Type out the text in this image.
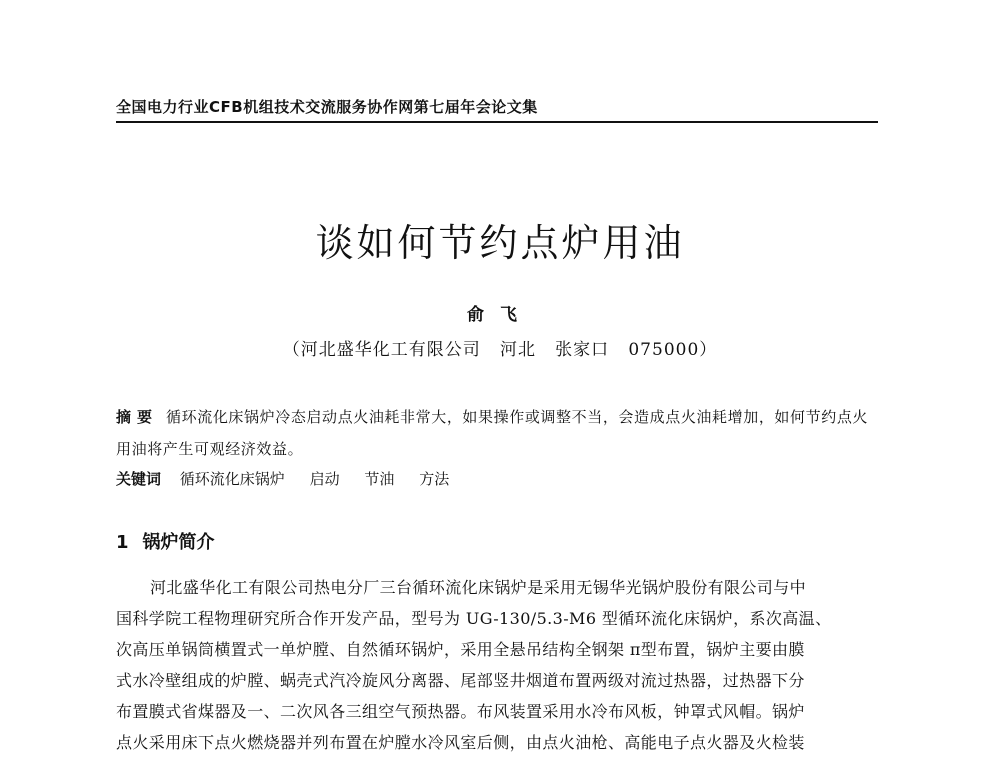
全国电力行业CFB机组技术交流服务协作网第七届年会论文集
谈如何节约点炉用油
俞飞
（河北盛华化工有限公司   河北   张家口   075000）
摘要 循环流化床锅炉冷态启动点火油耗非常大，如果操作或调整不当，会造成点火油耗增加，如何节约点火用油将产生可观经济效益。
关键词 循环流化床锅炉 启动 节油 方法
1 锅炉简介
河北盛华化工有限公司热电分厂三台循环流化床锅炉是采用无锡华光锅炉股份有限公司与中
国科学院工程物理研究所合作开发产品，型号为 UG-130/5.3-M6 型循环流化床锅炉，系次高温、
次高压单锅筒横置式一单炉膛、自然循环锅炉，采用全悬吊结构全钢架 π型布置，锅炉主要由膜
式水冷壁组成的炉膛、蜗壳式汽冷旋风分离器、尾部竖井烟道布置两级对流过热器，过热器下分
布置膜式省煤器及一、二次风各三组空气预热器。布风装置采用水冷布风板，钟罩式风帽。锅炉
点火采用床下点火燃烧器并列布置在炉膛水冷风室后侧，由点火油枪、高能电子点火器及火检装
